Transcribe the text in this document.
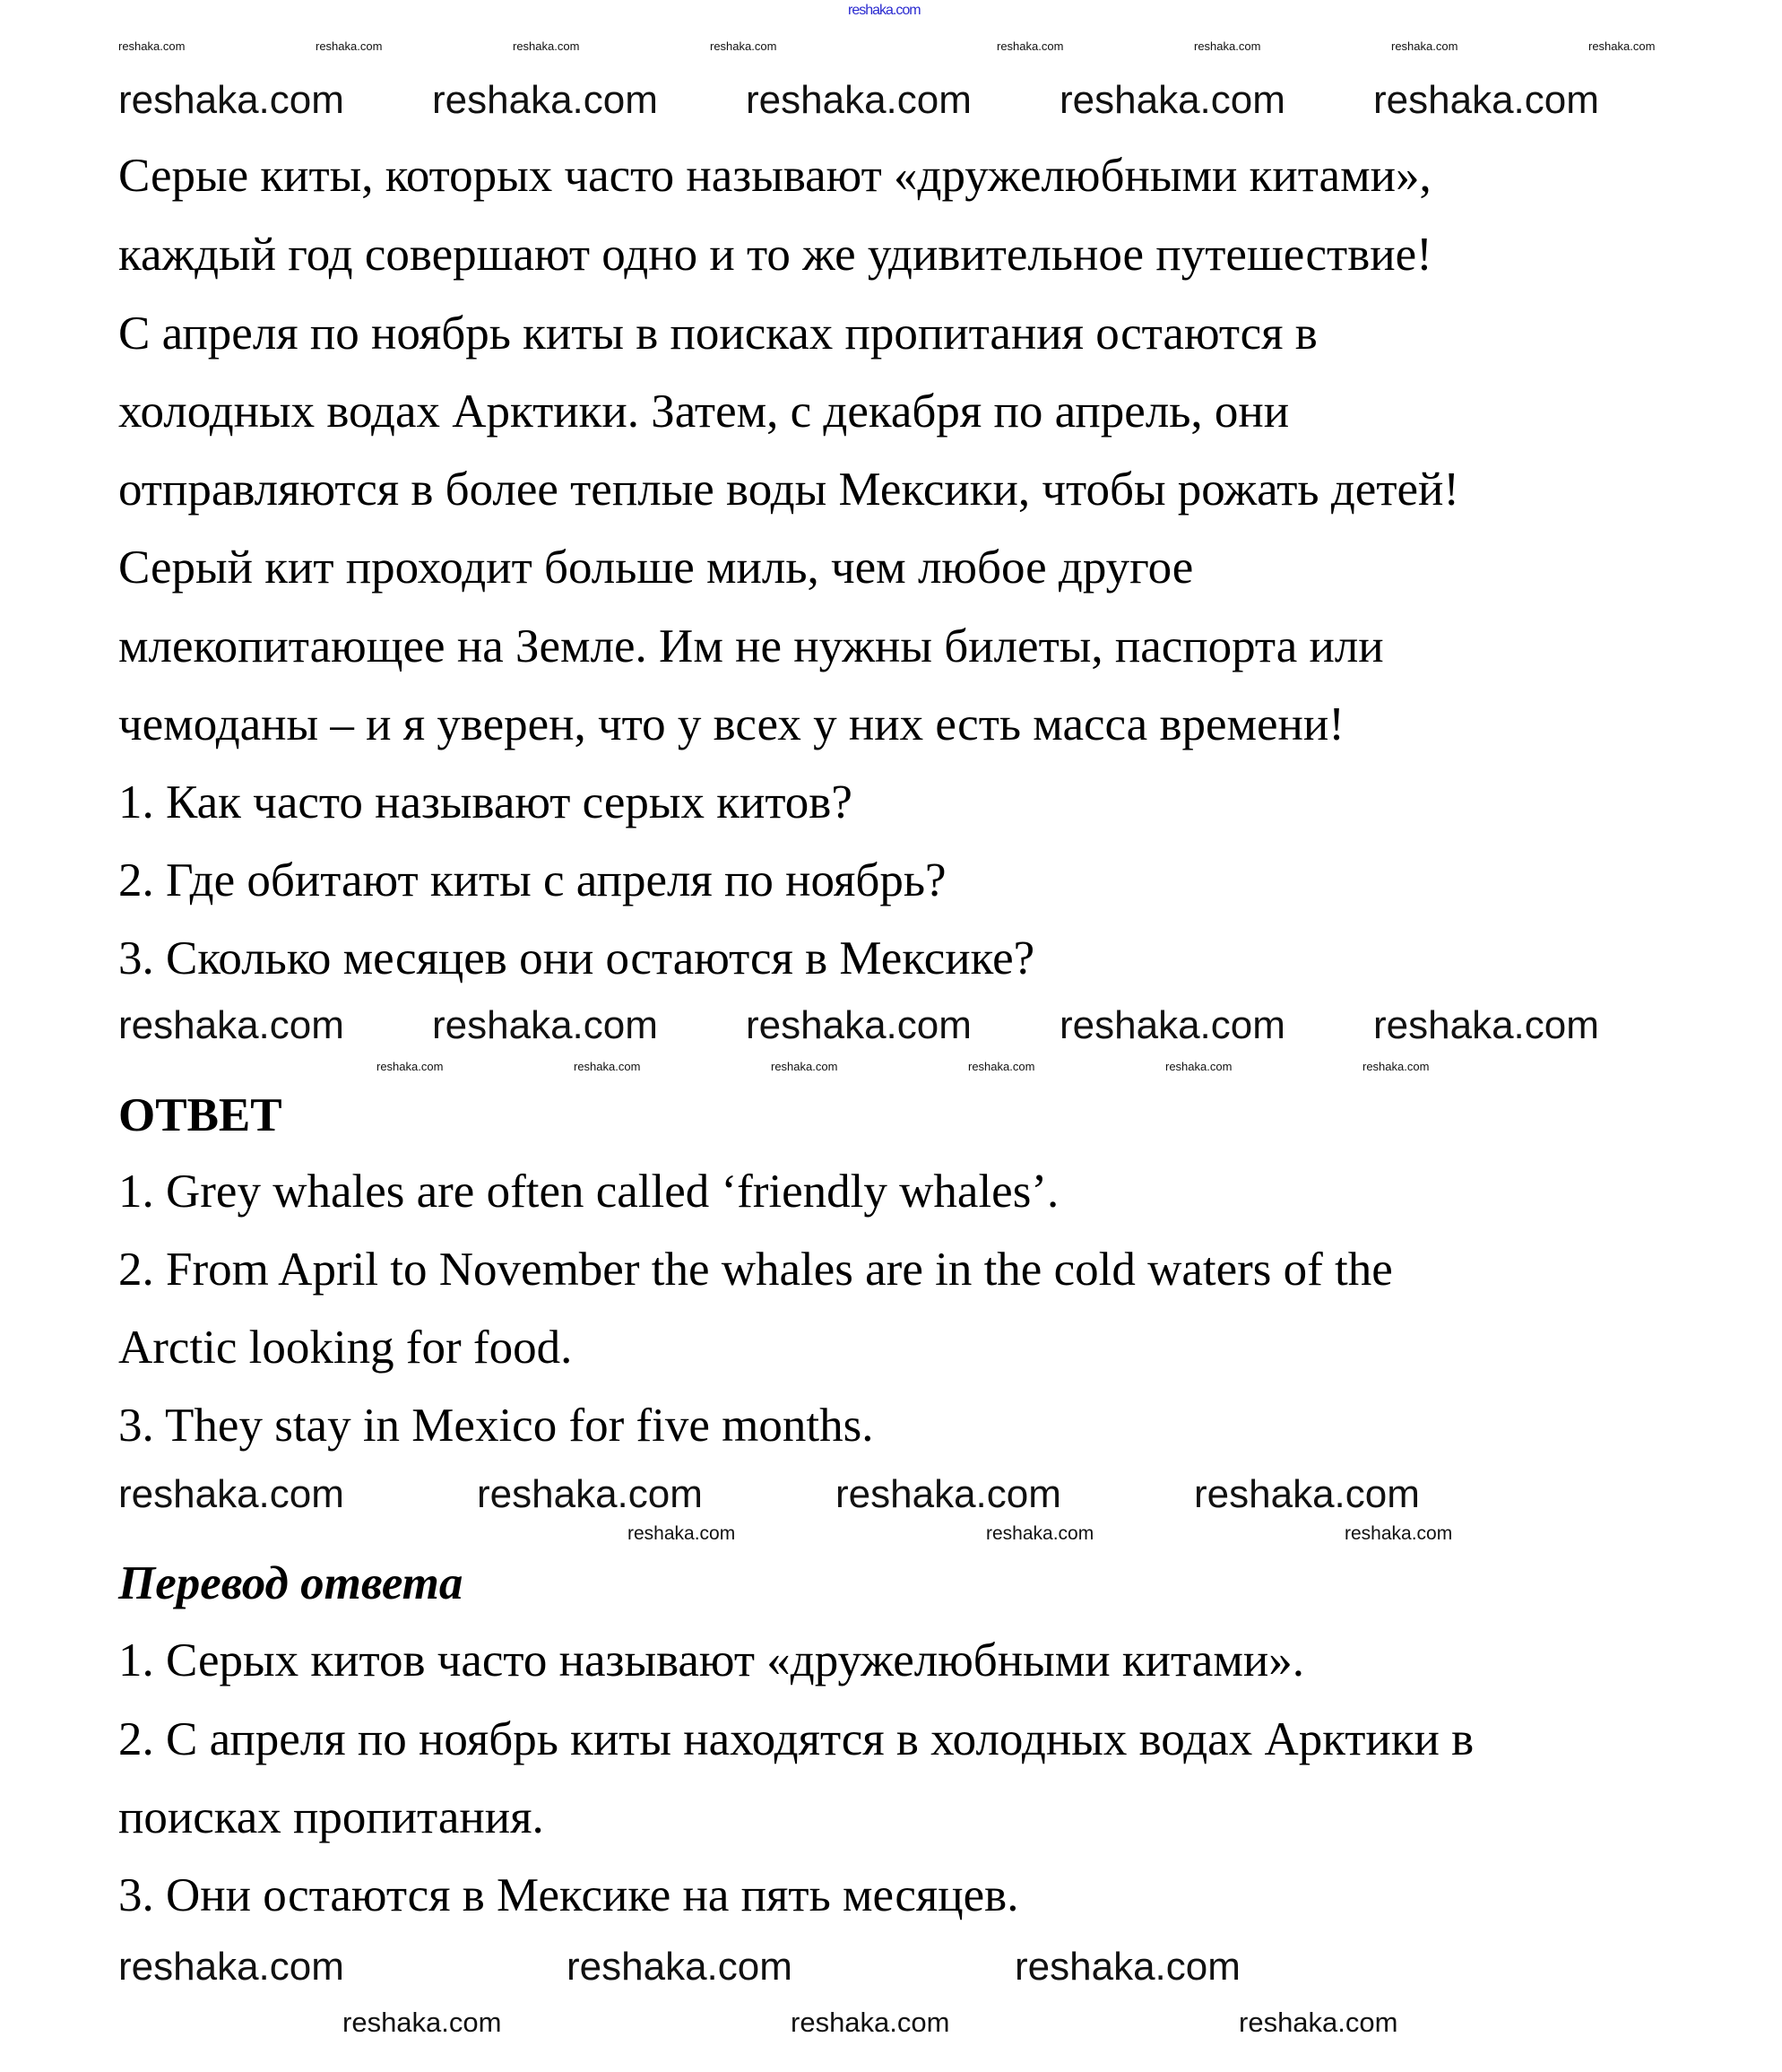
reshaka.com
Серые киты, которых часто называют «дружелюбными китами»,
каждый год совершают одно и то же удивительное путешествие!
С апреля по ноябрь киты в поисках пропитания остаются в
холодных водах Арктики. Затем, с декабря по апрель, они
отправляются в более теплые воды Мексики, чтобы рожать детей!
Серый кит проходит больше миль, чем любое другое
млекопитающее на Земле. Им не нужны билеты, паспорта или
чемоданы – и я уверен, что у всех у них есть масса времени!
1. Как часто называют серых китов?
2. Где обитают киты с апреля по ноябрь?
3. Сколько месяцев они остаются в Мексике?
ОТВЕТ
1. Grey whales are often called ‘friendly whales’.
2. From April to November the whales are in the cold waters of the
Arctic looking for food.
3. They stay in Mexico for five months.
Перевод ответа
1. Серых китов часто называют «дружелюбными китами».
2. С апреля по ноябрь киты находятся в холодных водах Арктики в
поисках пропитания.
3. Они остаются в Мексике на пять месяцев.
reshaka.com	reshaka.com	reshaka.com	reshaka.com	reshaka.com	reshaka.com	reshaka.com	reshaka.com
reshaka.com reshaka.com reshaka.com reshaka.com reshaka.com
reshaka.com reshaka.com reshaka.com reshaka.com reshaka.com
reshaka.com	reshaka.com	reshaka.com	reshaka.com	reshaka.com	reshaka.com
reshaka.com	reshaka.com	reshaka.com	reshaka.com
reshaka.com	reshaka.com	reshaka.com
reshaka.com	reshaka.com	reshaka.com
reshaka.com	reshaka.com	reshaka.com
